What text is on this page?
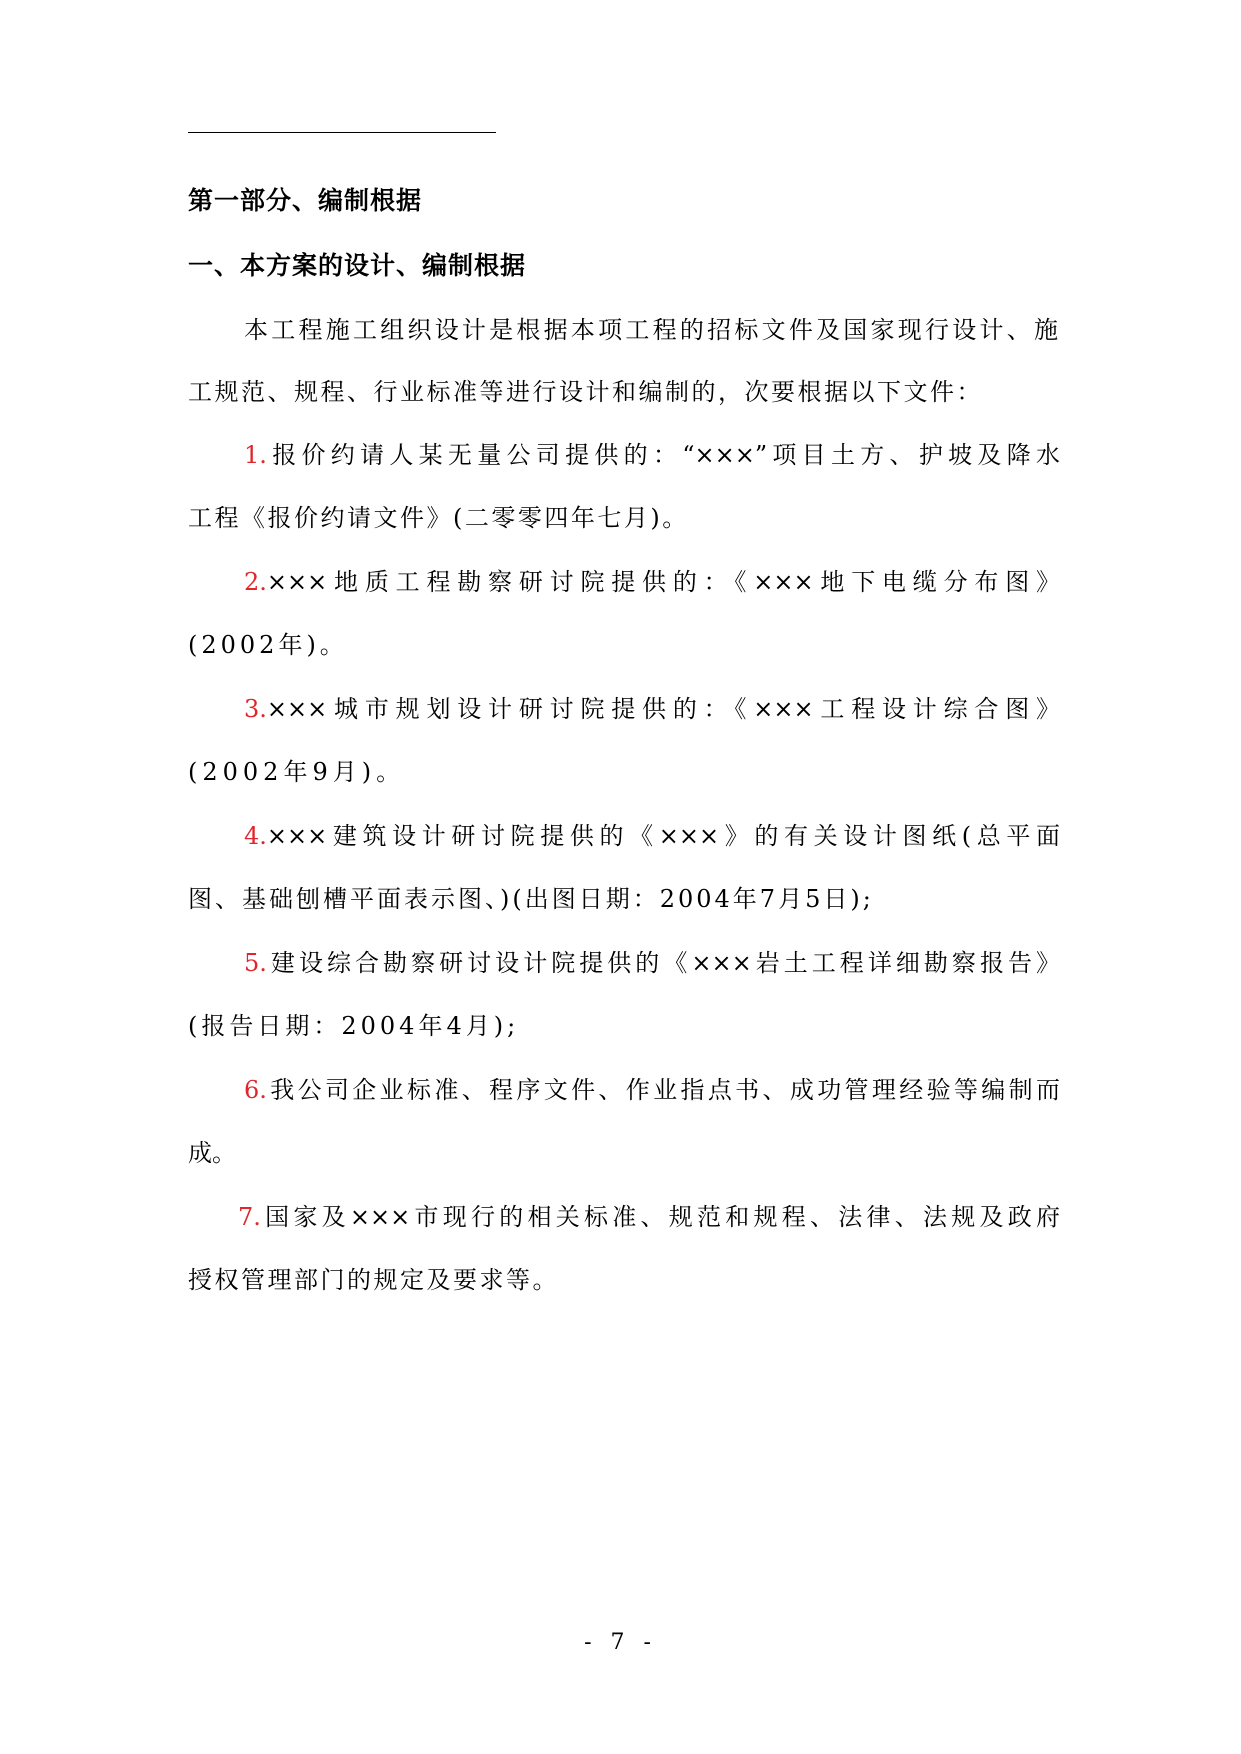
第一部分、编制根据
一、本方案的设计、编制根据
本工程施工组织设计是根据本项工程的招标文件及国家现行设计、施
工规范、规程、行业标准等进行设计和编制的，次要根据以下文件：
1.报价约请人某无量公司提供的：“×××”项目土方、护坡及降水
工程《报价约请文件》(二零零四年七月)。
2.×××地质工程勘察研讨院提供的：《×××地下电缆分布图》
(2002年)。
3.×××城市规划设计研讨院提供的：《×××工程设计综合图》
(2002年9月)。
4.×××建筑设计研讨院提供的《×××》的有关设计图纸(总平面
图、基础刨槽平面表示图、)(出图日期：2004年7月5日);
5.建设综合勘察研讨设计院提供的《×××岩土工程详细勘察报告》
(报告日期：2004年4月);
6.我公司企业标准、程序文件、作业指点书、成功管理经验等编制而
成。
7.国家及×××市现行的相关标准、规范和规程、法律、法规及政府
授权管理部门的规定及要求等。
- 7 -
